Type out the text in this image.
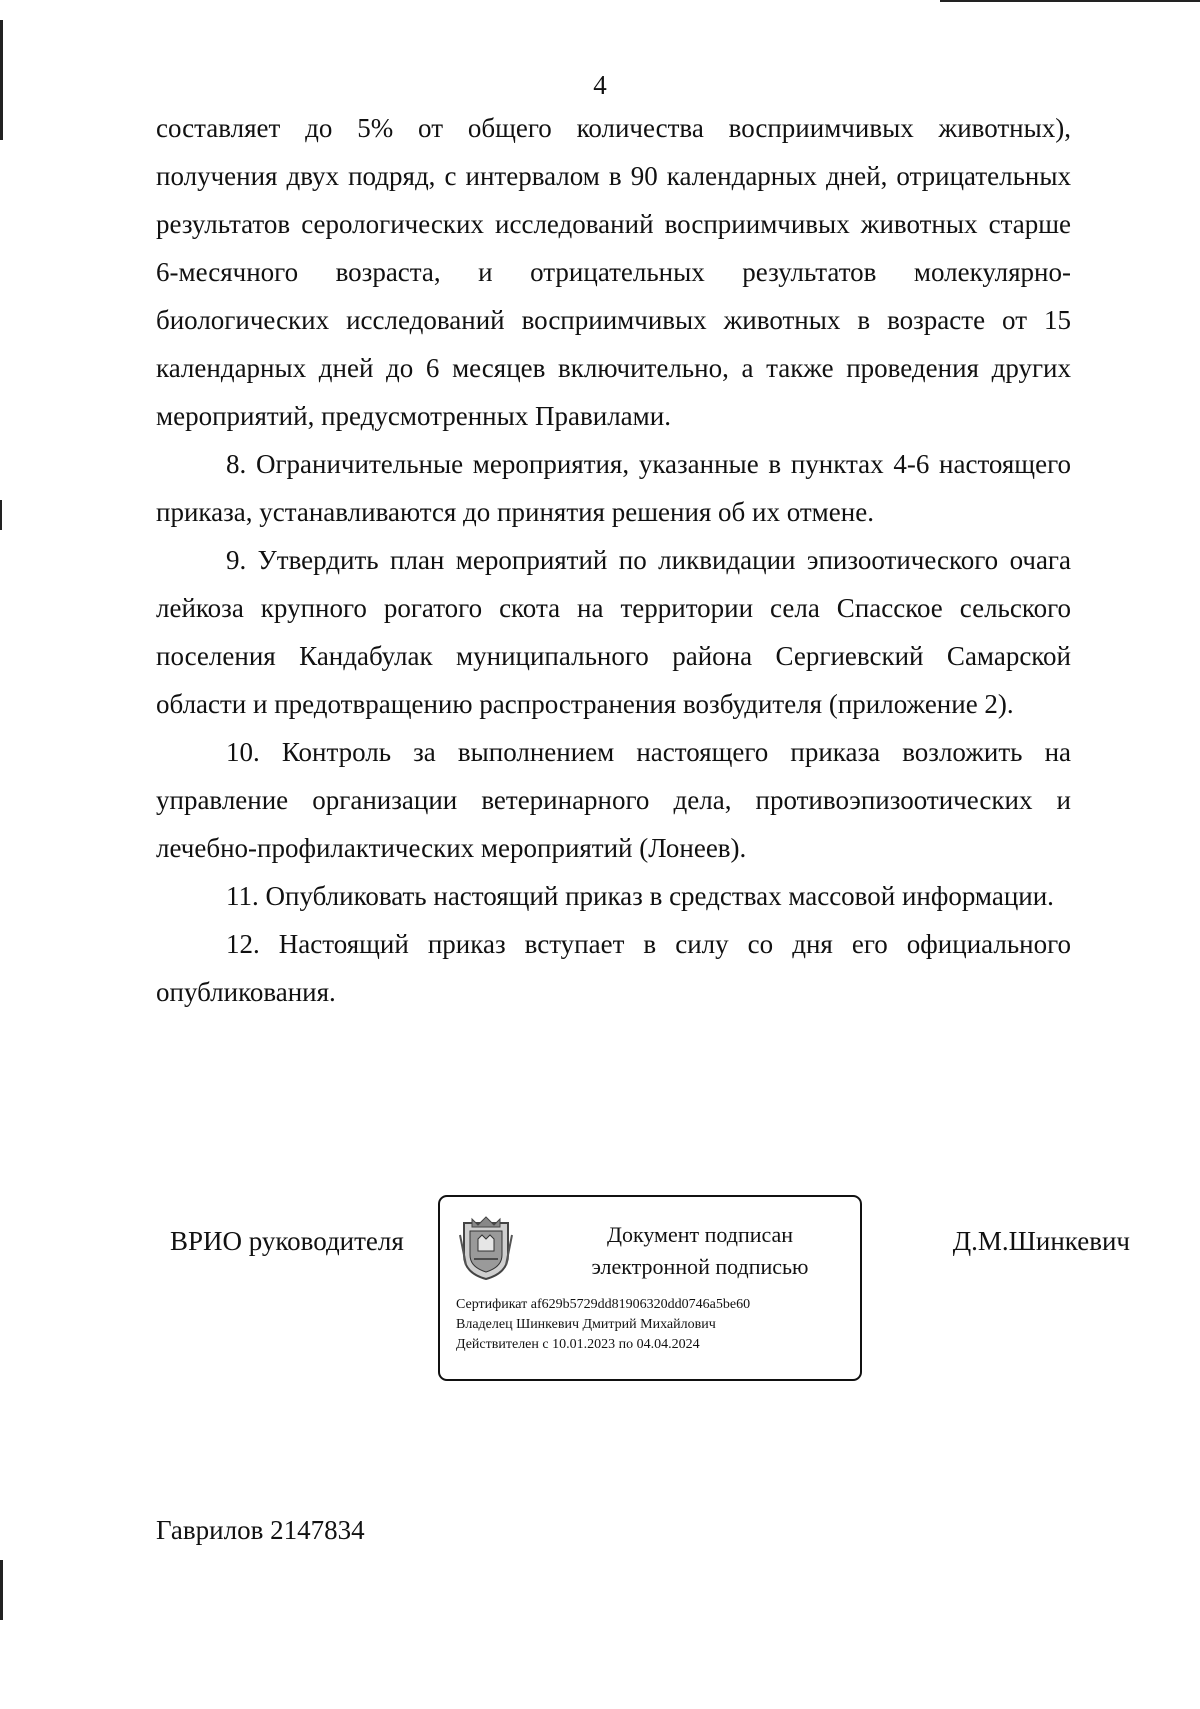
4

составляет до 5% от общего количества восприимчивых животных), получения двух подряд, с интервалом в 90 календарных дней, отрицательных результатов серологических исследований восприимчивых животных старше 6-месячного возраста, и отрицательных результатов молекулярно-биологических исследований восприимчивых животных в возрасте от 15 календарных дней до 6 месяцев включительно, а также проведения других мероприятий, предусмотренных Правилами.

8. Ограничительные мероприятия, указанные в пунктах 4-6 настоящего приказа, устанавливаются до принятия решения об их отмене.

9. Утвердить план мероприятий по ликвидации эпизоотического очага лейкоза крупного рогатого скота на территории села Спасское сельского поселения Кандабулак муниципального района Сергиевский Самарской области и предотвращению распространения возбудителя (приложение 2).

10. Контроль за выполнением настоящего приказа возложить на управление организации ветеринарного дела, противоэпизоотических и лечебно-профилактических мероприятий (Лонеев).

11. Опубликовать настоящий приказ в средствах массовой информации.

12. Настоящий приказ вступает в силу со дня его официального опубликования.

ВРИО руководителя	Документ подписан
электронной подписью
Сертификат af629b5729dd81906320dd0746a5be60
Владелец Шинкевич Дмитрий Михайлович
Действителен с 10.01.2023 по 04.04.2024
Д.М.Шинкевич
Гаврилов 2147834
